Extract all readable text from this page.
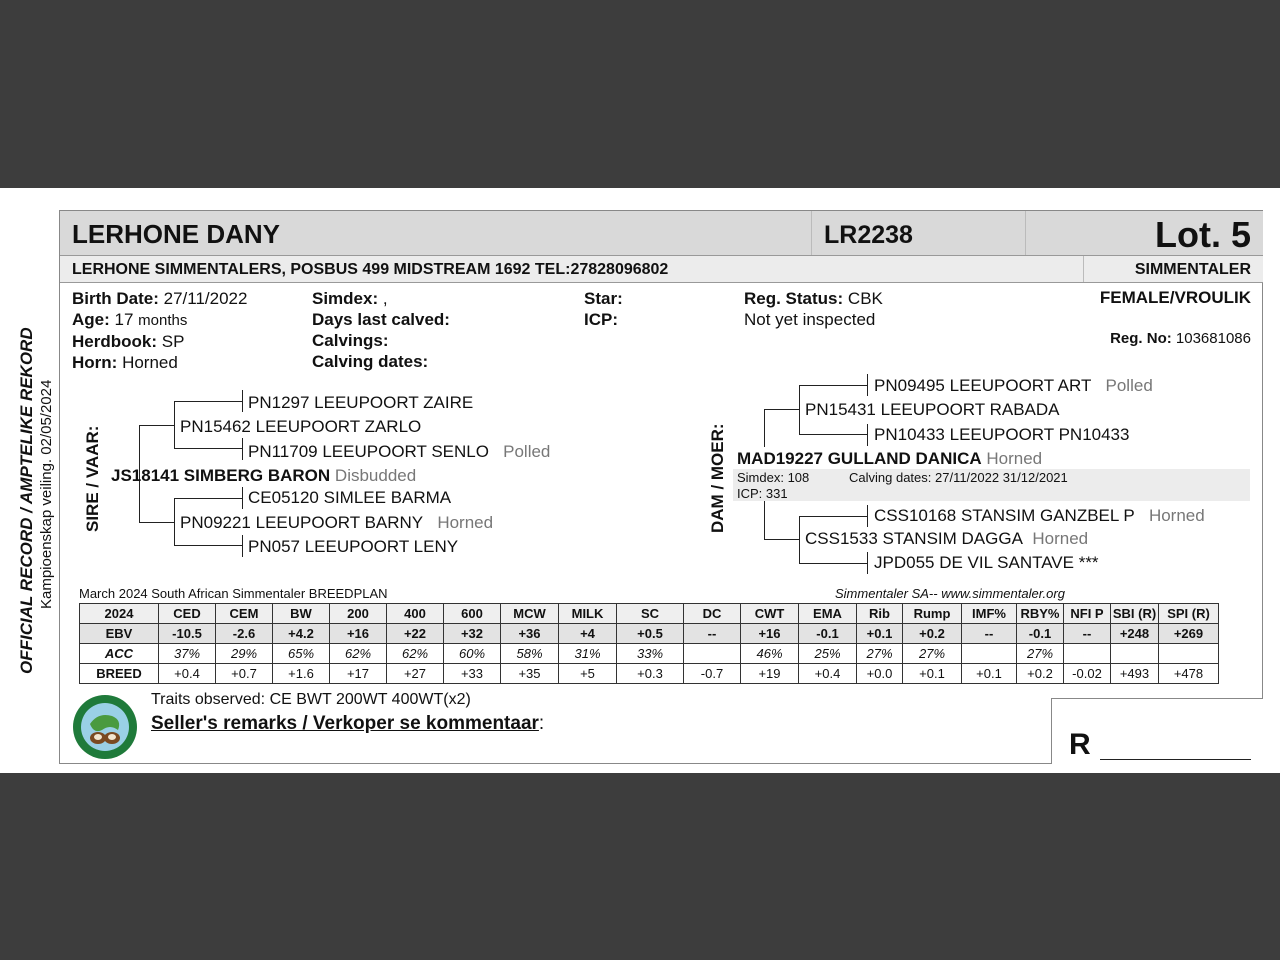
LERHONE DANY	LR2238	Lot. 5
LERHONE SIMMENTALERS, POSBUS 499 MIDSTREAM 1692 TEL:27828096802	SIMMENTALER
OFFICIAL RECORD / AMPTELIKE REKORD Kampioenskap veiling. 02/05/2024
Birth Date: 27/11/2022
Age: 17 months
Herdbook: SP
Horn: Horned
Simdex: ,
Days last calved:
Calvings:
Calving dates:
Star:
ICP:
Reg. Status: CBK
Not yet inspected
FEMALE/VROULIK
Reg. No: 103681086
SIRE / VAAR:
PN1297 LEEUPOORT ZAIRE
PN15462 LEEUPOORT ZARLO
PN11709 LEEUPOORT SENLO Polled
JS18141 SIMBERG BARON Disbudded
CE05120 SIMLEE BARMA
PN09221 LEEUPOORT BARNY Horned
PN057 LEEUPOORT LENY
DAM / MOER:
PN09495 LEEUPOORT ART Polled
PN15431 LEEUPOORT RABADA
PN10433 LEEUPOORT PN10433
MAD19227 GULLAND DANICA Horned
Simdex: 108	Calving dates: 27/11/2022 31/12/2021
ICP: 331
CSS10168 STANSIM GANZBEL P Horned
CSS1533 STANSIM DAGGA Horned
JPD055 DE VIL SANTAVE ***
March 2024 South African Simmentaler BREEDPLAN	Simmentaler SA-- www.simmentaler.org
2024	CED	CEM	BW	200	400	600	MCW	MILK	SC	DC	CWT	EMA	Rib	Rump	IMF%	RBY%	NFI P	SBI (R)	SPI (R)
EBV	-10.5	-2.6	+4.2	+16	+22	+32	+36	+4	+0.5	--	+16	-0.1	+0.1	+0.2	--	-0.1	--	+248	+269
ACC	37%	29%	65%	62%	62%	60%	58%	31%	33%		46%	25%	27%	27%		27%			
BREED	+0.4	+0.7	+1.6	+17	+27	+33	+35	+5	+0.3	-0.7	+19	+0.4	+0.0	+0.1	+0.1	+0.2	-0.02	+493	+478
Traits observed: CE BWT 200WT 400WT(x2)
Seller's remarks / Verkoper se kommentaar:
R
